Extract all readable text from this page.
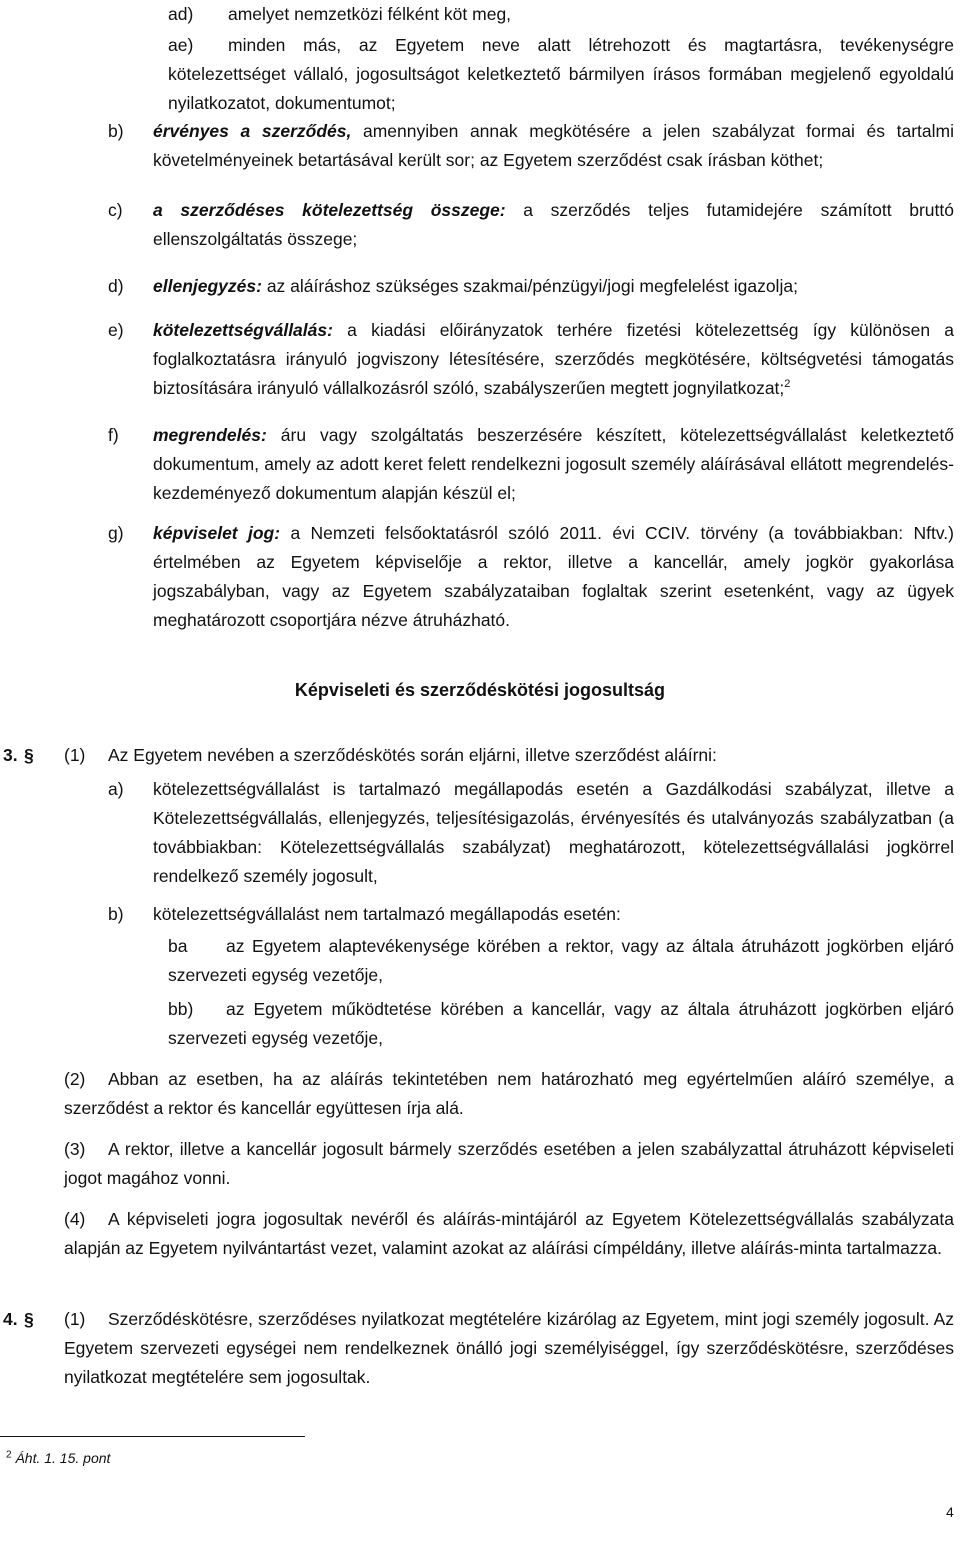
ad) amelyet nemzetközi félként köt meg,
ae) minden más, az Egyetem neve alatt létrehozott és magtartásra, tevékenységre kötelezettséget vállaló, jogosultságot keletkeztető bármilyen írásos formában megjelenő egyoldalú nyilatkozatot, dokumentumot;
b) érvényes a szerződés, amennyiben annak megkötésére a jelen szabályzat formai és tartalmi követelményeinek betartásával került sor; az Egyetem szerződést csak írásban köthet;
c) a szerződéses kötelezettség összege: a szerződés teljes futamidejére számított bruttó ellenszolgáltatás összege;
d) ellenjegyzés: az aláíráshoz szükséges szakmai/pénzügyi/jogi megfelelést igazolja;
e) kötelezettségvállalás: a kiadási előirányzatok terhére fizetési kötelezettség így különösen a foglalkoztatásra irányuló jogviszony létesítésére, szerződés megkötésére, költségvetési támogatás biztosítására irányuló vállalkozásról szóló, szabályszerűen megtett jognyilatkozat;$^2$
f) megrendelés: áru vagy szolgáltatás beszerzésére készített, kötelezettségvállalást keletkeztető dokumentum, amely az adott keret felett rendelkezni jogosult személy aláírásával ellátott megrendelés-kezdeményező dokumentum alapján készül el;
g) képviselet jog: a Nemzeti felsőoktatásról szóló 2011. évi CCIV. törvény (a továbbiakban: Nftv.) értelmében az Egyetem képviselője a rektor, illetve a kancellár, amely jogkör gyakorlása jogszabályban, vagy az Egyetem szabályzataiban foglaltak szerint esetenként, vagy az ügyek meghatározott csoportjára nézve átruházható.
Képviseleti és szerződéskötési jogosultság
3. § (1) Az Egyetem nevében a szerződéskötés során eljárni, illetve szerződést aláírni:
a) kötelezettségvállalást is tartalmazó megállapodás esetén a Gazdálkodási szabályzat, illetve a Kötelezettségvállalás, ellenjegyzés, teljesítésigazolás, érvényesítés és utalványozás szabályzatban (a továbbiakban: Kötelezettségvállalás szabályzat) meghatározott, kötelezettségvállalási jogkörrel rendelkező személy jogosult,
b) kötelezettségvállalást nem tartalmazó megállapodás esetén:
ba az Egyetem alaptevékenysége körében a rektor, vagy az általa átruházott jogkörben eljáró szervezeti egység vezetője,
bb) az Egyetem működtetése körében a kancellár, vagy az általa átruházott jogkörben eljáró szervezeti egység vezetője,
(2) Abban az esetben, ha az aláírás tekintetében nem határozható meg egyértelműen aláíró személye, a szerződést a rektor és kancellár együttesen írja alá.
(3) A rektor, illetve a kancellár jogosult bármely szerződés esetében a jelen szabályzattal átruházott képviseleti jogot magához vonni.
(4) A képviseleti jogra jogosultak nevéről és aláírás-mintájáról az Egyetem Kötelezettségvállalás szabályzata alapján az Egyetem nyilvántartást vezet, valamint azokat az aláírási címpéldány, illetve aláírás-minta tartalmazza.
4. § (1) Szerződéskötésre, szerződéses nyilatkozat megtételére kizárólag az Egyetem, mint jogi személy jogosult. Az Egyetem szervezeti egységei nem rendelkeznek önálló jogi személyiséggel, így szerződéskötésre, szerződéses nyilatkozat megtételére sem jogosultak.
$^2$ Áht. 1. 15. pont
4
